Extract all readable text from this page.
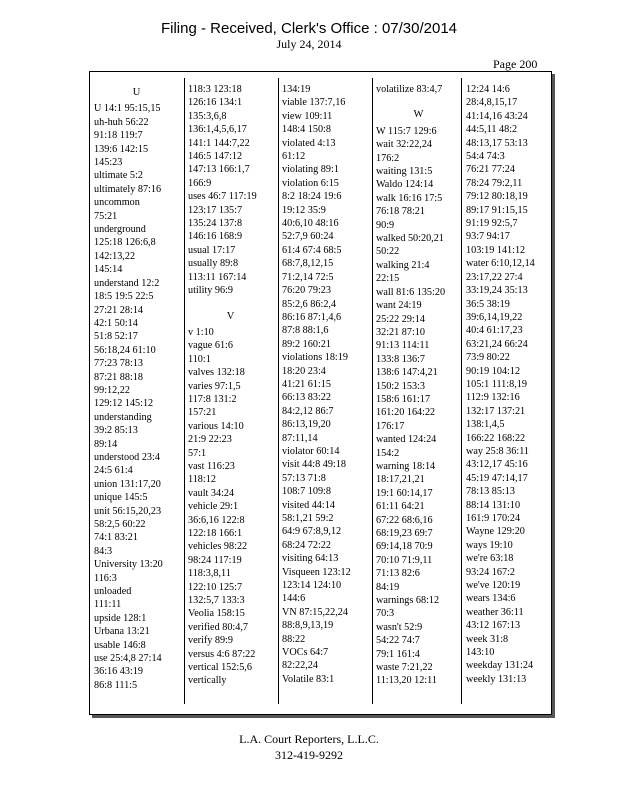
Filing - Received, Clerk's Office : 07/30/2014
July 24, 2014
Page 200
U
U 14:1 95:15,15
uh-huh 56:22
91:18 119:7
139:6 142:15
145:23
ultimate 5:2
ultimately 87:16
uncommon
75:21
underground
125:18 126:6,8
142:13,22
145:14
understand 12:2
18:5 19:5 22:5
27:21 28:14
42:1 50:14
51:8 52:17
56:18,24 61:10
77:23 78:13
87:21 88:18
99:12,22
129:12 145:12
understanding
39:2 85:13
89:14
understood 23:4
24:5 61:4
union 131:17,20
unique 145:5
unit 56:15,20,23
58:2,5 60:22
74:1 83:21
84:3
University 13:20
116:3
unloaded
111:11
upside 128:1
Urbana 13:21
usable 146:8
use 25:4,8 27:14
36:16 43:19
86:8 111:5
118:3 123:18
126:16 134:1
135:3,6,8
136:1,4,5,6,17
141:1 144:7,22
146:5 147:12
147:13 166:1,7
166:9
uses 46:7 117:19
123:17 135:7
135:24 137:8
146:16 168:9
usual 17:17
usually 89:8
113:11 167:14
utility 96:9
V
v 1:10
vague 61:6
110:1
valves 132:18
varies 97:1,5
117:8 131:2
157:21
various 14:10
21:9 22:23
57:1
vast 116:23
118:12
vault 34:24
vehicle 29:1
36:6,16 122:8
122:18 166:1
vehicles 98:22
98:24 117:19
118:3,8,11
122:10 125:7
132:5,7 133:3
Veolia 158:15
verified 80:4,7
verify 89:9
versus 4:6 87:22
vertical 152:5,6
vertically
134:19
viable 137:7,16
view 109:11
148:4 150:8
violated 4:13
61:12
violating 89:1
violation 6:15
8:2 18:24 19:6
19:12 35:9
40:6,10 48:16
52:7,9 60:24
61:4 67:4 68:5
68:7,8,12,15
71:2,14 72:5
76:20 79:23
85:2,6 86:2,4
86:16 87:1,4,6
87:8 88:1,6
89:2 160:21
violations 18:19
18:20 23:4
41:21 61:15
66:13 83:22
84:2,12 86:7
86:13,19,20
87:11,14
violator 60:14
visit 44:8 49:18
57:13 71:8
108:7 109:8
visited 44:14
58:1,21 59:2
64:9 67:8,9,12
68:24 72:22
visiting 64:13
Visqueen 123:12
123:14 124:10
144:6
VN 87:15,22,24
88:8,9,13,19
88:22
VOCs 64:7
82:22,24
Volatile 83:1
volatilize 83:4,7
W
W 115:7 129:6
wait 32:22,24
176:2
waiting 131:5
Waldo 124:14
walk 16:16 17:5
76:18 78:21
90:9
walked 50:20,21
50:22
walking 21:4
22:15
wall 81:6 135:20
want 24:19
25:22 29:14
32:21 87:10
91:13 114:11
133:8 136:7
138:6 147:4,21
150:2 153:3
158:6 161:17
161:20 164:22
176:17
wanted 124:24
154:2
warning 18:14
18:17,21,21
19:1 60:14,17
61:11 64:21
67:22 68:6,16
68:19,23 69:7
69:14,18 70:9
70:10 71:9,11
71:13 82:6
84:19
warnings 68:12
70:3
wasn't 52:9
54:22 74:7
79:1 161:4
waste 7:21,22
11:13,20 12:11
12:24 14:6
28:4,8,15,17
41:14,16 43:24
44:5,11 48:2
48:13,17 53:13
54:4 74:3
76:21 77:24
78:24 79:2,11
79:12 80:18,19
89:17 91:15,15
91:19 92:5,7
93:7 94:17
103:19 141:12
water 6:10,12,14
23:17,22 27:4
33:19,24 35:13
36:5 38:19
39:6,14,19,22
40:4 61:17,23
63:21,24 66:24
73:9 80:22
90:19 104:12
105:1 111:8,19
112:9 132:16
132:17 137:21
138:1,4,5
166:22 168:22
way 25:8 36:11
43:12,17 45:16
45:19 47:14,17
78:13 85:13
88:14 131:10
161:9 170:24
Wayne 129:20
ways 19:10
we're 63:18
93:24 167:2
we've 120:19
wears 134:6
weather 36:11
43:12 167:13
week 31:8
143:10
weekday 131:24
weekly 131:13
L.A. Court Reporters, L.L.C.
312-419-9292
